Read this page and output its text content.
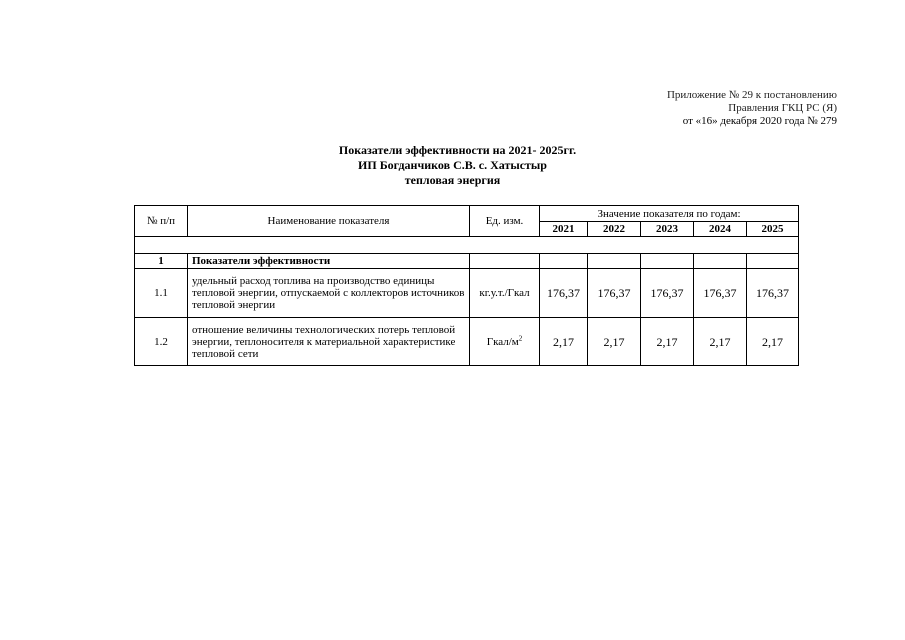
Приложение № 29 к постановлению
Правления ГКЦ РС (Я)
от «16» декабря 2020 года № 279
Показатели эффективности на 2021- 2025гг.
ИП Богданчиков С.В. с. Хатыстыр
тепловая энергия
№ п/п	Наименование показателя	Ед. изм.	Значение показателя по годам:				
			2021	2022	2023	2024	2025

1	Показатели эффективности						
1.1	удельный расход топлива на производство единицы тепловой энергии, отпускаемой с коллекторов источников тепловой энергии	кг.у.т./Гкал	176,37	176,37	176,37	176,37	176,37
1.2	отношение величины технологических потерь тепловой энергии, теплоносителя к материальной характеристике тепловой сети	Гкал/$м^2$	2,17	2,17	2,17	2,17	2,17
